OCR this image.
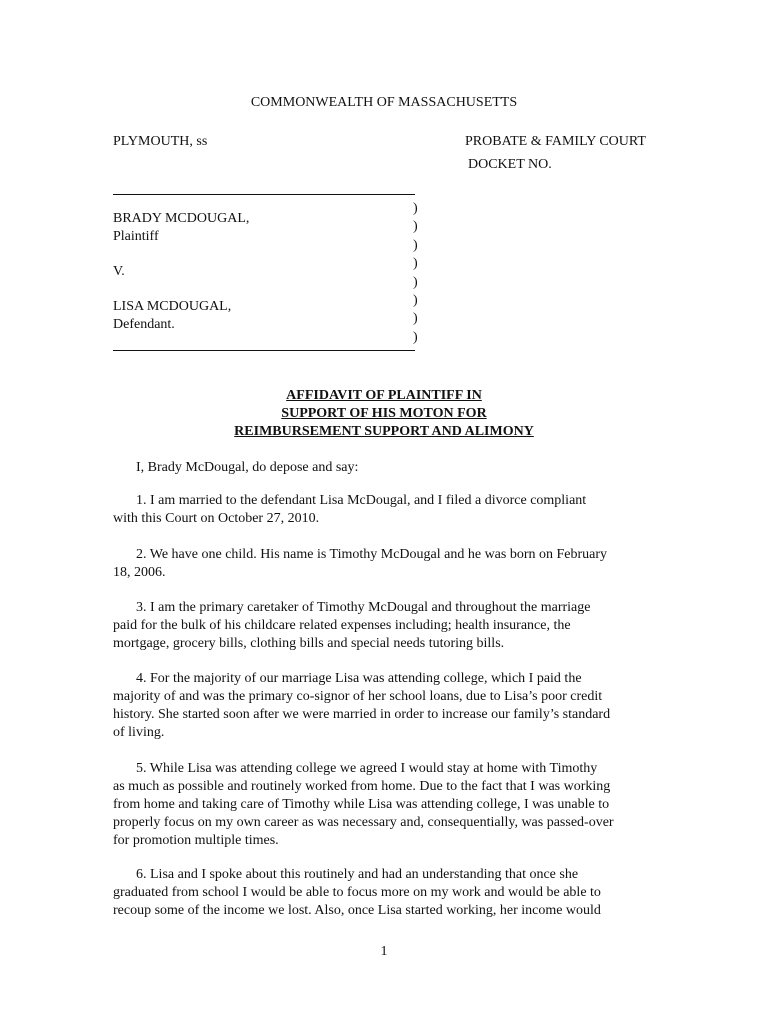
COMMONWEALTH OF MASSACHUSETTS
PLYMOUTH, ss	PROBATE & FAMILY COURT
DOCKET NO.
BRADY MCDOUGAL,
Plaintiff
V.
LISA MCDOUGAL,
Defendant.
)
)
)
)
)
)
)
)
AFFIDAVIT OF PLAINTIFF IN
SUPPORT OF HIS MOTON FOR
REIMBURSEMENT SUPPORT AND ALIMONY
I, Brady McDougal, do depose and say:
1. I am married to the defendant Lisa McDougal, and I filed a divorce compliant
with this Court on October 27, 2010.
2. We have one child. His name is Timothy McDougal and he was born on February
18, 2006.
3. I am the primary caretaker of Timothy McDougal and throughout the marriage
paid for the bulk of his childcare related expenses including; health insurance, the
mortgage, grocery bills, clothing bills and special needs tutoring bills.
4. For the majority of our marriage Lisa was attending college, which I paid the
majority of and was the primary co-signor of her school loans, due to Lisa’s poor credit
history. She started soon after we were married in order to increase our family’s standard
of living.
5. While Lisa was attending college we agreed I would stay at home with Timothy
as much as possible and routinely worked from home. Due to the fact that I was working
from home and taking care of Timothy while Lisa was attending college, I was unable to
properly focus on my own career as was necessary and, consequentially, was passed-over
for promotion multiple times.
6. Lisa and I spoke about this routinely and had an understanding that once she
graduated from school I would be able to focus more on my work and would be able to
recoup some of the income we lost. Also, once Lisa started working, her income would
1
